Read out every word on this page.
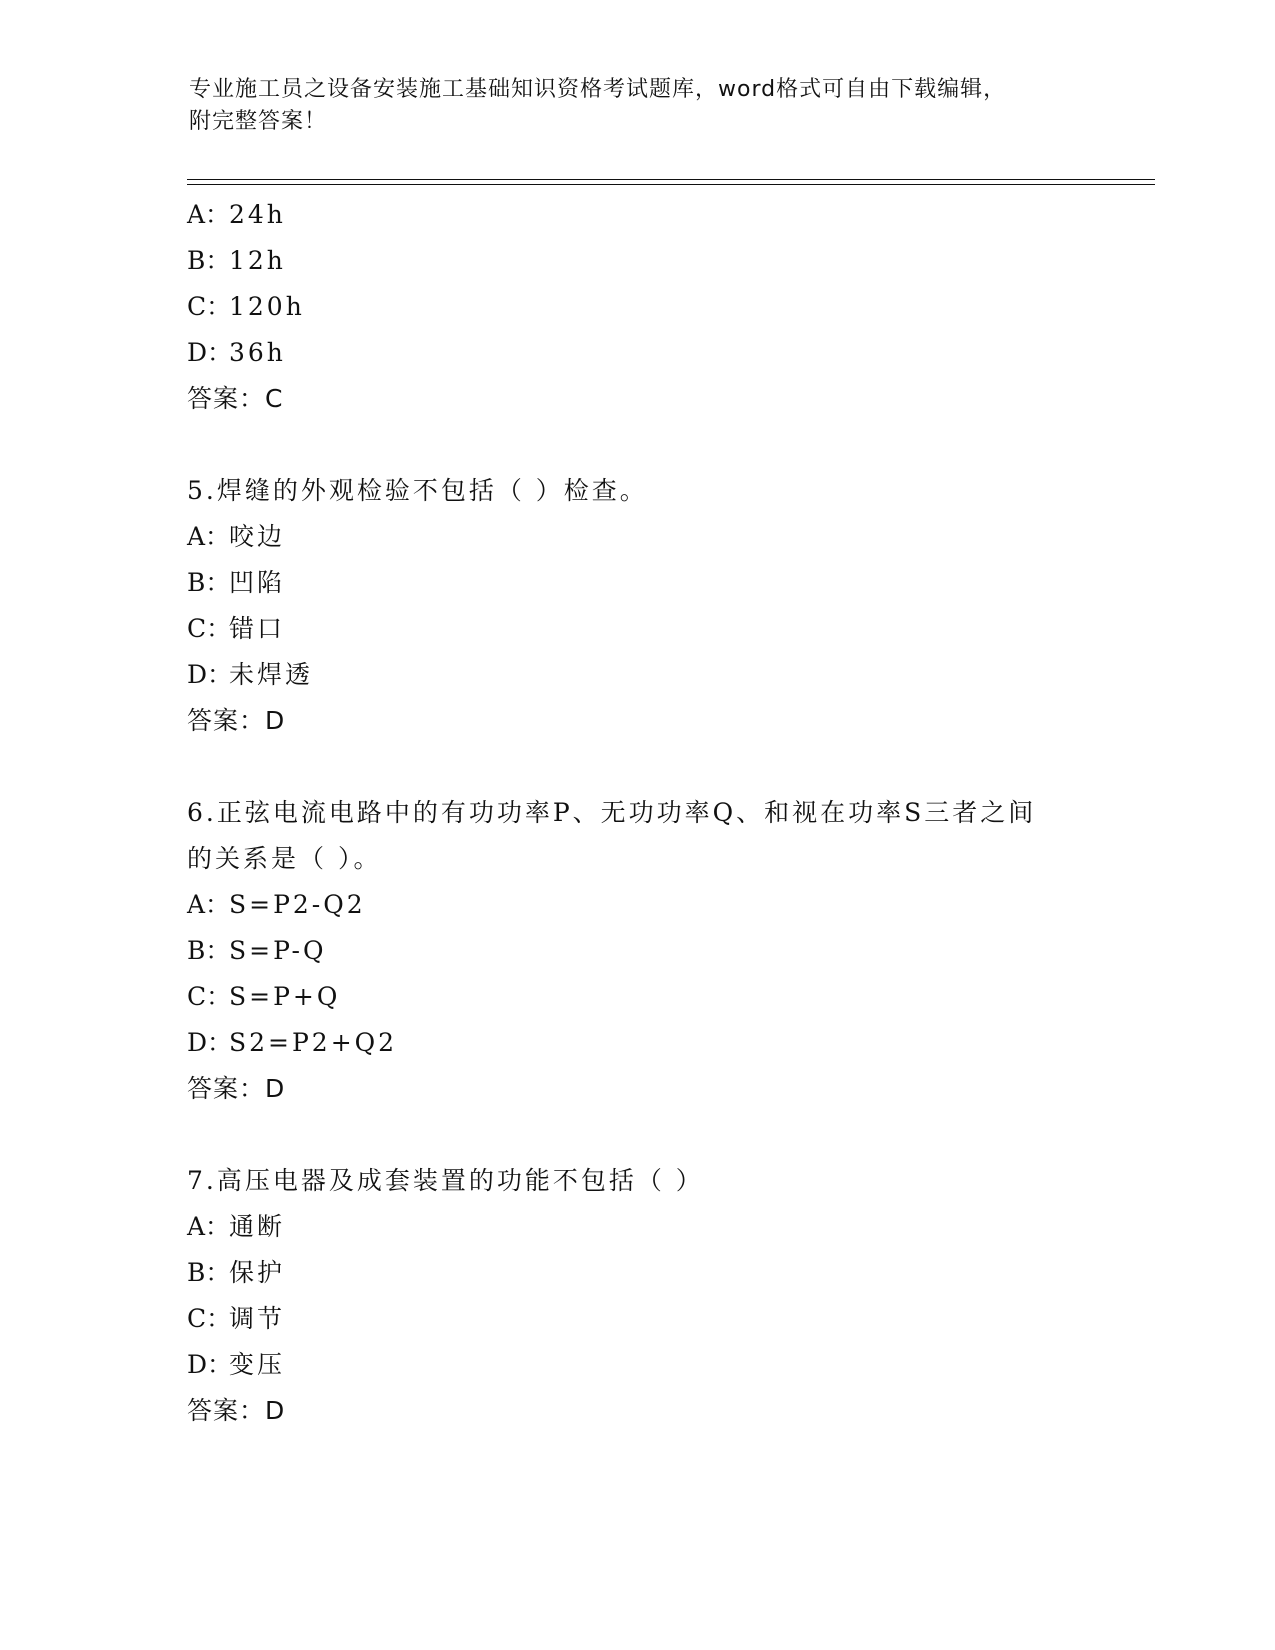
专业施工员之设备安装施工基础知识资格考试题库，word格式可自由下载编辑，
附完整答案！
A：24h
B：12h
C：120h
D：36h
答案：C
5.焊缝的外观检验不包括（ ）检查。
A：咬边
B：凹陷
C：错口
D：未焊透
答案：D
6.正弦电流电路中的有功功率P、无功功率Q、和视在功率S三者之间
的关系是（ ）。
A：S=P2-Q2
B：S=P-Q
C：S=P+Q
D：S2=P2+Q2
答案：D
7.高压电器及成套装置的功能不包括（ ）
A：通断
B：保护
C：调节
D：变压
答案：D
